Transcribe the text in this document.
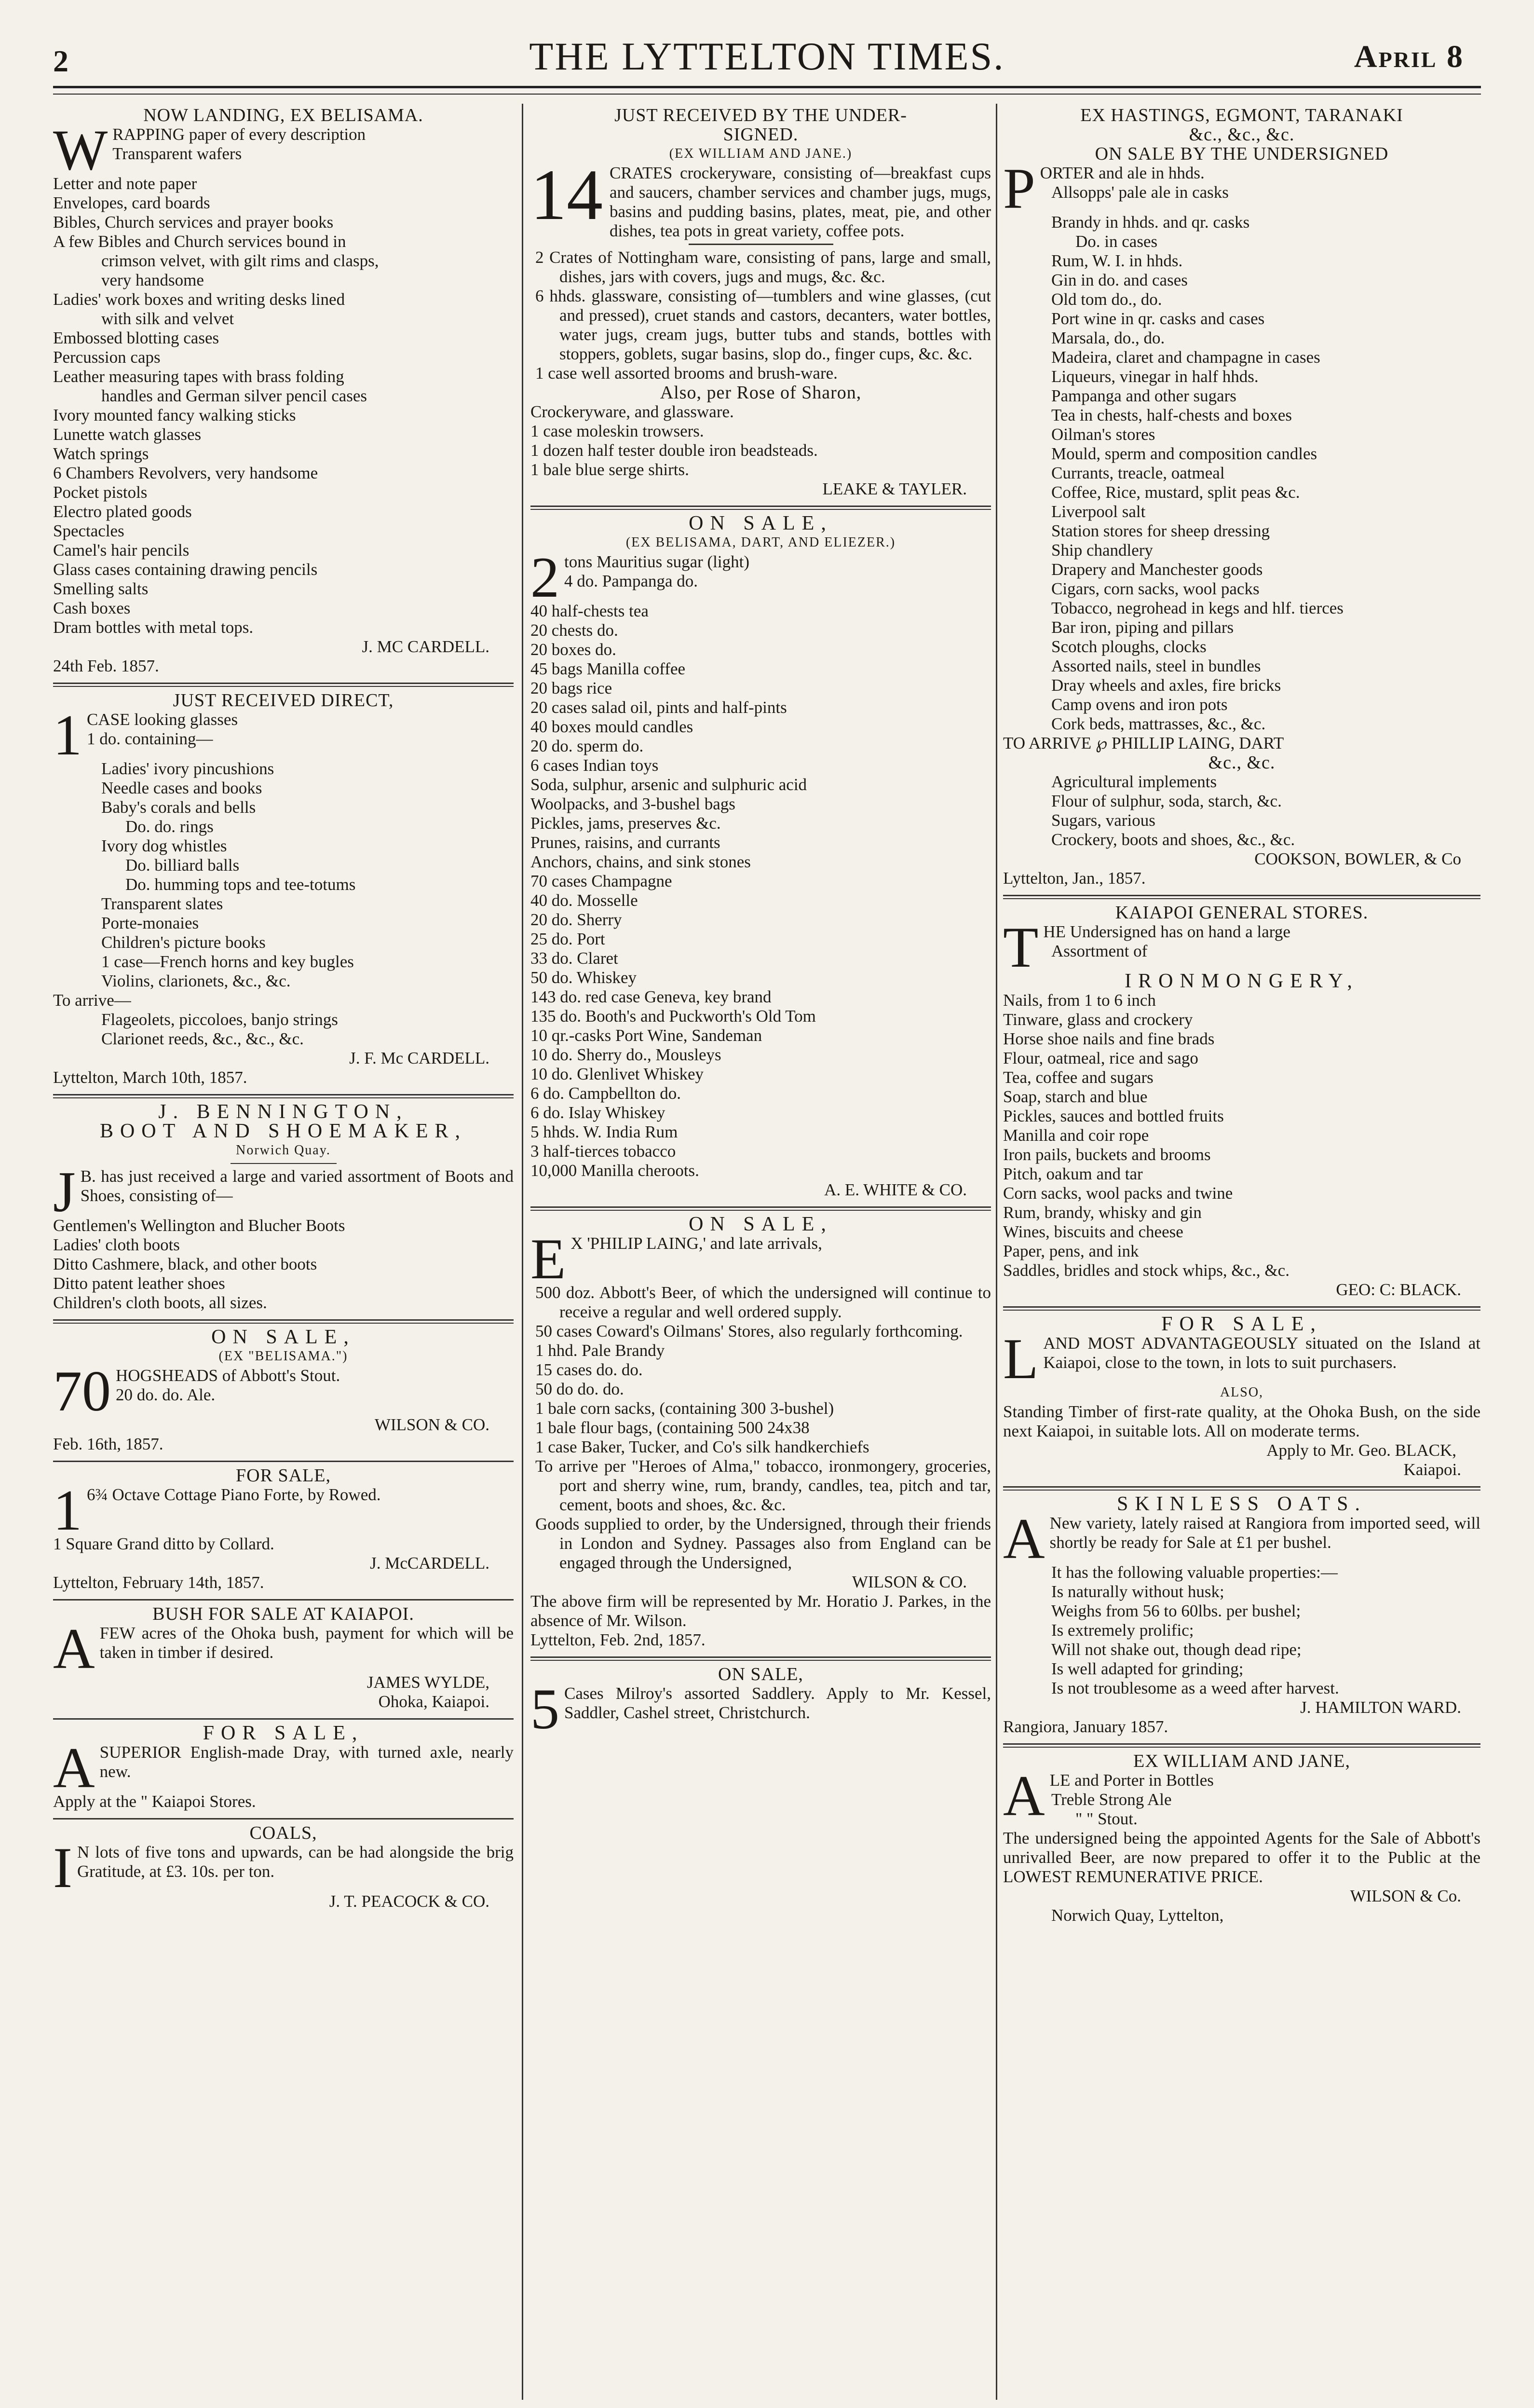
2	THE LYTTELTON TIMES.	April 8

NOW LANDING, EX BELISAMA.

W RAPPING paper of every description

Transparent wafers

Letter and note paper

Envelopes, card boards

Bibles, Church services and prayer books

A few Bibles and Church services bound in

crimson velvet, with gilt rims and clasps,

very handsome

Ladies' work boxes and writing desks lined

with silk and velvet

Embossed blotting cases

Percussion caps

Leather measuring tapes with brass folding

handles and German silver pencil cases

Ivory mounted fancy walking sticks

Lunette watch glasses

Watch springs

6 Chambers Revolvers, very handsome

Pocket pistols

Electro plated goods

Spectacles

Camel's hair pencils

Glass cases containing drawing pencils

Smelling salts

Cash boxes

Dram bottles with metal tops.

J. MC CARDELL.

24th Feb. 1857.

JUST RECEIVED DIRECT,

1 CASE looking glasses

1 do. containing—

Ladies' ivory pincushions

Needle cases and books

Baby's corals and bells

Do. do. rings

Ivory dog whistles

Do. billiard balls

Do. humming tops and tee-totums

Transparent slates

Porte-monaies

Children's picture books

1 case—French horns and key bugles

Violins, clarionets, &c., &c.

To arrive—

Flageolets, piccoloes, banjo strings

Clarionet reeds, &c., &c., &c.

J. F. Mc CARDELL.

Lyttelton, March 10th, 1857.

J. BENNINGTON,

BOOT AND SHOEMAKER,

Norwich Quay.

J B. has just received a large and varied assortment of Boots and Shoes, consisting of—

Gentlemen's Wellington and Blucher Boots

Ladies' cloth boots

Ditto Cashmere, black, and other boots

Ditto patent leather shoes

Children's cloth boots, all sizes.

ON SALE,

(EX "BELISAMA.")

70 HOGSHEADS of Abbott's Stout.

20 do. do. Ale.

WILSON & CO.

Feb. 16th, 1857.

FOR SALE,

1 6¾ Octave Cottage Piano Forte, by Rowed.

1 Square Grand ditto by Collard.

J. McCARDELL.

Lyttelton, February 14th, 1857.

BUSH FOR SALE AT KAIAPOI.

A FEW acres of the Ohoka bush, payment for which will be taken in timber if desired.

JAMES WYLDE,

Ohoka, Kaiapoi.

FOR SALE,

A SUPERIOR English-made Dray, with turned axle, nearly new.

Apply at the " Kaiapoi Stores.

COALS,

I N lots of five tons and upwards, can be had alongside the brig Gratitude, at £3. 10s. per ton.

J. T. PEACOCK & CO.

JUST RECEIVED BY THE UNDER-

SIGNED.

(EX WILLIAM AND JANE.)

14 CRATES crockeryware, consisting of—breakfast cups and saucers, chamber services and chamber jugs, mugs, basins and pudding basins, plates, meat, pie, and other dishes, tea pots in great variety, coffee pots.

2 Crates of Nottingham ware, consisting of pans, large and small, dishes, jars with covers, jugs and mugs, &c. &c.

6 hhds. glassware, consisting of—tumblers and wine glasses, (cut and pressed), cruet stands and castors, decanters, water bottles, water jugs, cream jugs, butter tubs and stands, bottles with stoppers, goblets, sugar basins, slop do., finger cups, &c. &c.

1 case well assorted brooms and brush-ware.

Also, per Rose of Sharon,

Crockeryware, and glassware.

1 case moleskin trowsers.

1 dozen half tester double iron beadsteads.

1 bale blue serge shirts.

LEAKE & TAYLER.

ON SALE,

(EX BELISAMA, DART, AND ELIEZER.)

2 tons Mauritius sugar (light)

4 do. Pampanga do.

40 half-chests tea

20 chests do.

20 boxes do.

45 bags Manilla coffee

20 bags rice

20 cases salad oil, pints and half-pints

40 boxes mould candles

20 do. sperm do.

6 cases Indian toys

Soda, sulphur, arsenic and sulphuric acid

Woolpacks, and 3-bushel bags

Pickles, jams, preserves &c.

Prunes, raisins, and currants

Anchors, chains, and sink stones

70 cases Champagne

40 do. Mosselle

20 do. Sherry

25 do. Port

33 do. Claret

50 do. Whiskey

143 do. red case Geneva, key brand

135 do. Booth's and Puckworth's Old Tom

10 qr.-casks Port Wine, Sandeman

10 do. Sherry do., Mousleys

10 do. Glenlivet Whiskey

6 do. Campbellton do.

6 do. Islay Whiskey

5 hhds. W. India Rum

3 half-tierces tobacco

10,000 Manilla cheroots.

A. E. WHITE & CO.

ON SALE,

E X 'PHILIP LAING,' and late arrivals,

500 doz. Abbott's Beer, of which the undersigned will continue to receive a regular and well ordered supply.

50 cases Coward's Oilmans' Stores, also regularly forthcoming.

1 hhd. Pale Brandy

15 cases do. do.

50 do do. do.

1 bale corn sacks, (containing 300 3-bushel)

1 bale flour bags, (containing 500 24x38

1 case Baker, Tucker, and Co's silk handkerchiefs

To arrive per "Heroes of Alma," tobacco, ironmongery, groceries, port and sherry wine, rum, brandy, candles, tea, pitch and tar, cement, boots and shoes, &c. &c.

Goods supplied to order, by the Undersigned, through their friends in London and Sydney. Passages also from England can be engaged through the Undersigned,

WILSON & CO.

The above firm will be represented by Mr. Horatio J. Parkes, in the absence of Mr. Wilson.

Lyttelton, Feb. 2nd, 1857.

ON SALE,

5 Cases Milroy's assorted Saddlery. Apply to Mr. Kessel, Saddler, Cashel street, Christchurch.

EX HASTINGS, EGMONT, TARANAKI

&c., &c., &c.

ON SALE BY THE UNDERSIGNED

P ORTER and ale in hhds.

Allsopps' pale ale in casks

Brandy in hhds. and qr. casks

Do. in cases

Rum, W. I. in hhds.

Gin in do. and cases

Old tom do., do.

Port wine in qr. casks and cases

Marsala, do., do.

Madeira, claret and champagne in cases

Liqueurs, vinegar in half hhds.

Pampanga and other sugars

Tea in chests, half-chests and boxes

Oilman's stores

Mould, sperm and composition candles

Currants, treacle, oatmeal

Coffee, Rice, mustard, split peas &c.

Liverpool salt

Station stores for sheep dressing

Ship chandlery

Drapery and Manchester goods

Cigars, corn sacks, wool packs

Tobacco, negrohead in kegs and hlf. tierces

Bar iron, piping and pillars

Scotch ploughs, clocks

Assorted nails, steel in bundles

Dray wheels and axles, fire bricks

Camp ovens and iron pots

Cork beds, mattrasses, &c., &c.

TO ARRIVE ℘ PHILLIP LAING, DART

&c., &c.

Agricultural implements

Flour of sulphur, soda, starch, &c.

Sugars, various

Crockery, boots and shoes, &c., &c.

COOKSON, BOWLER, & Co

Lyttelton, Jan., 1857.

KAIAPOI GENERAL STORES.

T HE Undersigned has on hand a large

Assortment of

IRONMONGERY,

Nails, from 1 to 6 inch

Tinware, glass and crockery

Horse shoe nails and fine brads

Flour, oatmeal, rice and sago

Tea, coffee and sugars

Soap, starch and blue

Pickles, sauces and bottled fruits

Manilla and coir rope

Iron pails, buckets and brooms

Pitch, oakum and tar

Corn sacks, wool packs and twine

Rum, brandy, whisky and gin

Wines, biscuits and cheese

Paper, pens, and ink

Saddles, bridles and stock whips, &c., &c.

GEO: C: BLACK.

FOR SALE,

L AND MOST ADVANTAGEOUSLY situated on the Island at Kaiapoi, close to the town, in lots to suit purchasers.

ALSO,

Standing Timber of first-rate quality, at the Ohoka Bush, on the side next Kaiapoi, in suitable lots. All on moderate terms.

Apply to Mr. Geo. BLACK,

Kaiapoi.

SKINLESS OATS.

A New variety, lately raised at Rangiora from imported seed, will shortly be ready for Sale at £1 per bushel.

It has the following valuable properties:—

Is naturally without husk;

Weighs from 56 to 60lbs. per bushel;

Is extremely prolific;

Will not shake out, though dead ripe;

Is well adapted for grinding;

Is not troublesome as a weed after harvest.

J. HAMILTON WARD.

Rangiora, January 1857.

EX WILLIAM AND JANE,

A LE and Porter in Bottles

Treble Strong Ale

" " Stout.

The undersigned being the appointed Agents for the Sale of Abbott's unrivalled Beer, are now prepared to offer it to the Public at the LOWEST REMUNERATIVE PRICE.

WILSON & Co.

Norwich Quay, Lyttelton,
